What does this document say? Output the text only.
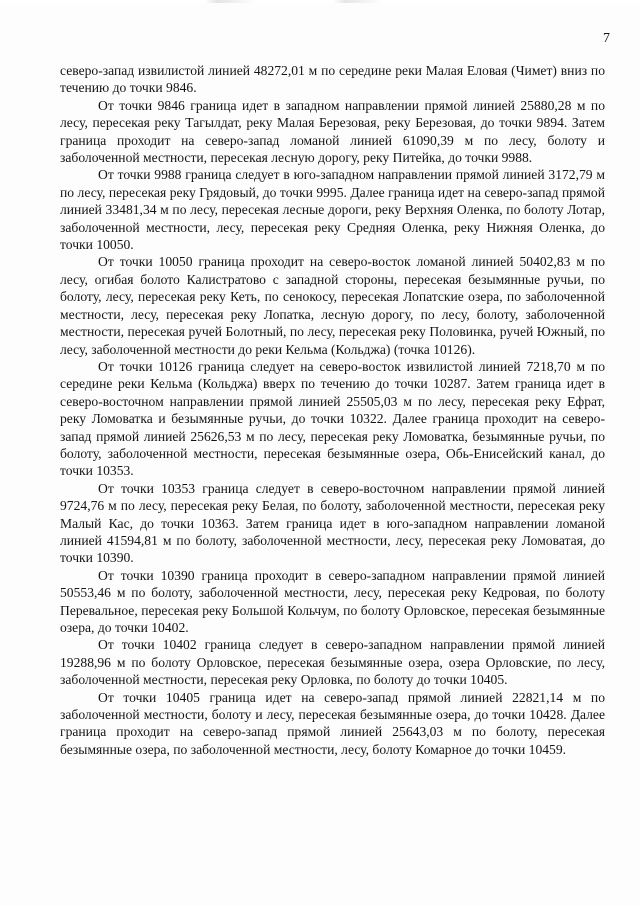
7

северо-запад извилистой линией 48272,01 м по середине реки Малая Еловая (Чимет) вниз по течению до точки 9846.

От точки 9846 граница идет в западном направлении прямой линией 25880,28 м по лесу, пересекая реку Тагылдат, реку Малая Березовая, реку Березовая, до точки 9894. Затем граница проходит на северо-запад ломаной линией 61090,39 м по лесу, болоту и заболоченной местности, пересекая лесную дорогу, реку Питейка, до точки 9988.

От точки 9988 граница следует в юго-западном направлении прямой линией 3172,79 м по лесу, пересекая реку Грядовый, до точки 9995. Далее граница идет на северо-запад прямой линией 33481,34 м по лесу, пересекая лесные дороги, реку Верхняя Оленка, по болоту Лотар, заболоченной местности, лесу, пересекая реку Средняя Оленка, реку Нижняя Оленка, до точки 10050.

От точки 10050 граница проходит на северо-восток ломаной линией 50402,83 м по лесу, огибая болото Калистратово с западной стороны, пересекая безымянные ручьи, по болоту, лесу, пересекая реку Кеть, по сенокосу, пересекая Лопатские озера, по заболоченной местности, лесу, пересекая реку Лопатка, лесную дорогу, по лесу, болоту, заболоченной местности, пересекая ручей Болотный, по лесу, пересекая реку Половинка, ручей Южный, по лесу, заболоченной местности до реки Кельма (Кольджа) (точка 10126).

От точки 10126 граница следует на северо-восток извилистой линией 7218,70 м по середине реки Кельма (Кольджа) вверх по течению до точки 10287. Затем граница идет в северо-восточном направлении прямой линией 25505,03 м по лесу, пересекая реку Ефрат, реку Ломоватка и безымянные ручьи, до точки 10322. Далее граница проходит на северо-запад прямой линией 25626,53 м по лесу, пересекая реку Ломоватка, безымянные ручьи, по болоту, заболоченной местности, пересекая безымянные озера, Обь-Енисейский канал, до точки 10353.

От точки 10353 граница следует в северо-восточном направлении прямой линией 9724,76 м по лесу, пересекая реку Белая, по болоту, заболоченной местности, пересекая реку Малый Кас, до точки 10363. Затем граница идет в юго-западном направлении ломаной линией 41594,81 м по болоту, заболоченной местности, лесу, пересекая реку Ломоватая, до точки 10390.

От точки 10390 граница проходит в северо-западном направлении прямой линией 50553,46 м по болоту, заболоченной местности, лесу, пересекая реку Кедровая, по болоту Перевальное, пересекая реку Большой Кольчум, по болоту Орловское, пересекая безымянные озера, до точки 10402.

От точки 10402 граница следует в северо-западном направлении прямой линией 19288,96 м по болоту Орловское, пересекая безымянные озера, озера Орловские, по лесу, заболоченной местности, пересекая реку Орловка, по болоту до точки 10405.

От точки 10405 граница идет на северо-запад прямой линией 22821,14 м по заболоченной местности, болоту и лесу, пересекая безымянные озера, до точки 10428. Далее граница проходит на северо-запад прямой линией 25643,03 м по болоту, пересекая безымянные озера, по заболоченной местности, лесу, болоту Комарное до точки 10459.
